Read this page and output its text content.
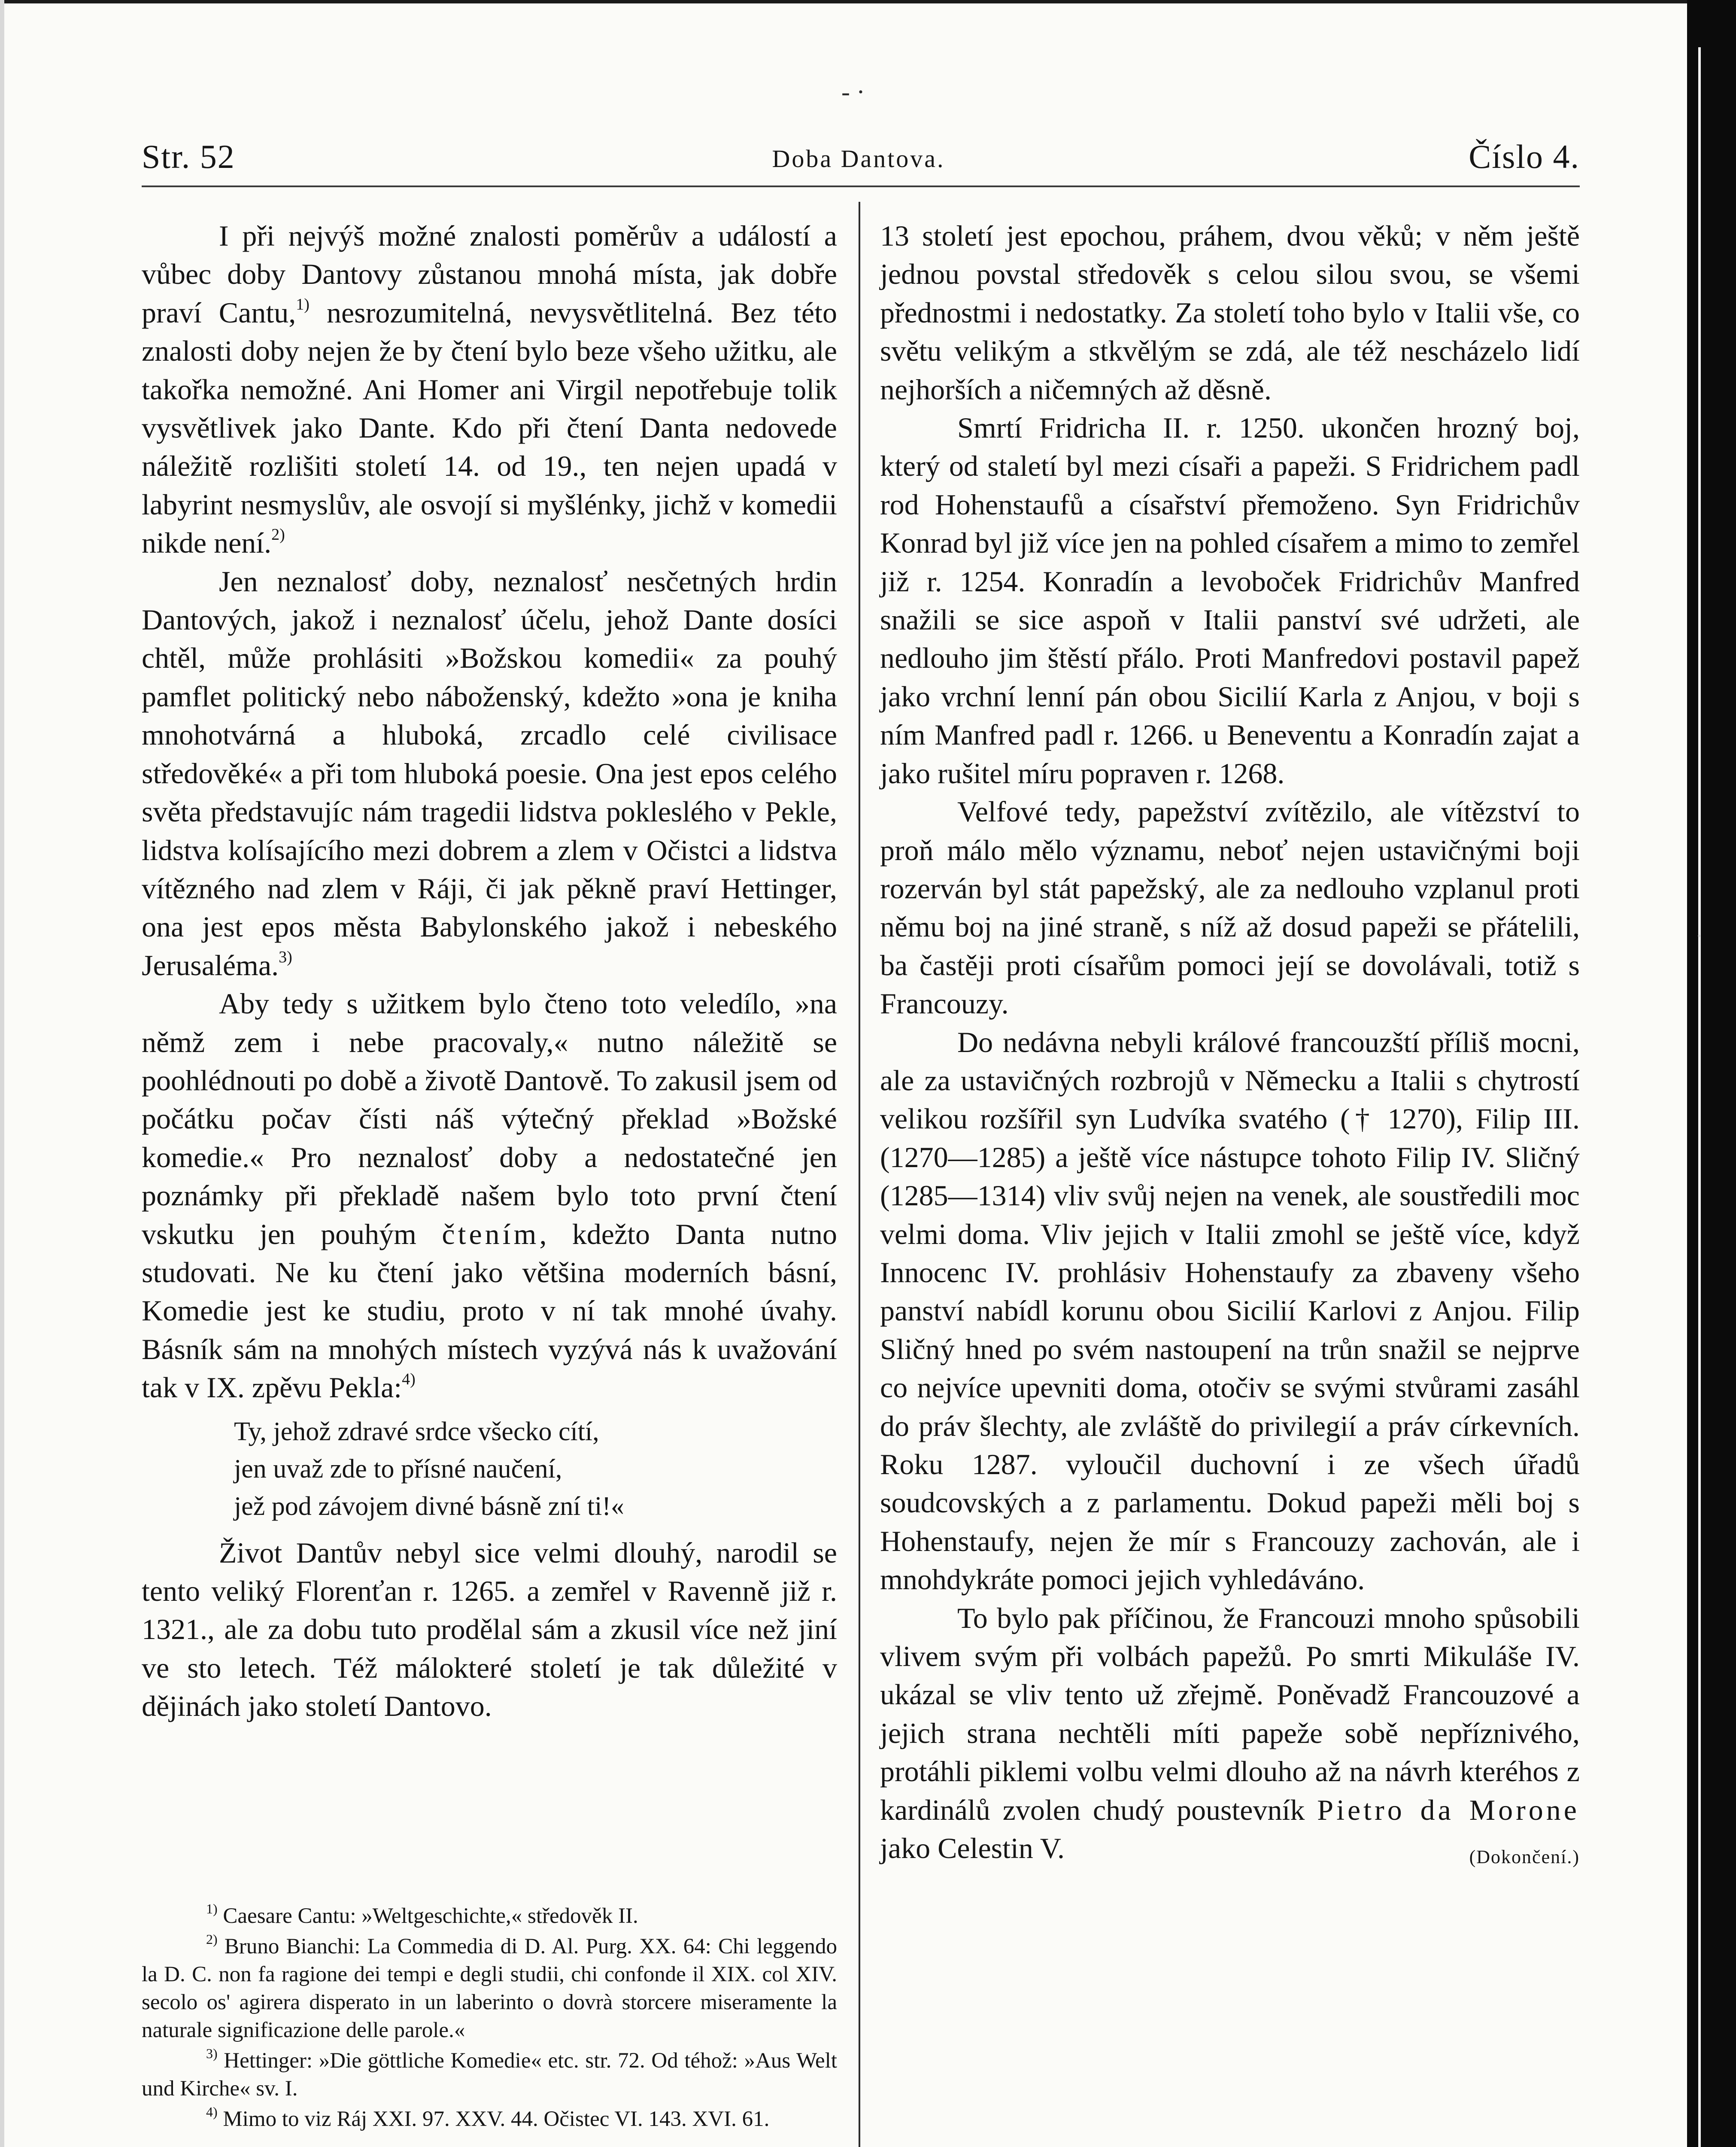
‐ ·
·
Str. 52	Doba Dantova.	Číslo 4.

I při nejvýš možné znalosti poměrův a událostí a vůbec doby Dantovy zůstanou mnohá místa, jak dobře praví Cantu,$^{1)}$ nesrozumitelná, nevysvětlitelná. Bez této znalosti doby nejen že by čtení bylo beze všeho užitku, ale takořka nemožné. Ani Homer ani Virgil nepotřebuje tolik vysvětlivek jako Dante. Kdo při čtení Danta nedovede náležitě rozlišiti století 14. od 19., ten nejen upadá v labyrint nesmyslův, ale osvojí si myšlénky, jichž v komedii nikde není.$^{2)}$

Jen neznalosť doby, neznalosť nesčetných hrdin Dantových, jakož i neznalosť účelu, jehož Dante dosíci chtěl, může prohlásiti »Božskou komedii« za pouhý pamflet politický nebo náboženský, kdežto »ona je kniha mnohotvárná a hluboká, zrcadlo celé civilisace středověké« a při tom hluboká poesie. Ona jest epos celého světa představujíc nám tragedii lidstva pokleslého v Pekle, lidstva kolísajícího mezi dobrem a zlem v Očistci a lidstva vítězného nad zlem v Ráji, či jak pěkně praví Hettinger, ona jest epos města Babylonského jakož i nebeského Jerusaléma.$^{3)}$

Aby tedy s užitkem bylo čteno toto veledílo, »na němž zem i nebe pracovaly,« nutno náležitě se poohlédnouti po době a životě Dantově. To zakusil jsem od počátku počav čísti náš výtečný překlad »Božské komedie.« Pro neznalosť doby a nedostatečné jen poznámky při překladě našem bylo toto první čtení vskutku jen pouhým čtením, kdežto Danta nutno studovati. Ne ku čtení jako většina moderních básní, Komedie jest ke studiu, proto v ní tak mnohé úvahy. Básník sám na mnohých místech vyzývá nás k uvažování tak v IX. zpěvu Pekla:$^{4)}$

Ty, jehož zdravé srdce všecko cítí,
jen uvaž zde to přísné naučení,
jež pod závojem divné básně zní ti!«

Život Dantův nebyl sice velmi dlouhý, narodil se tento veliký Florenťan r. 1265. a zemřel v Ravenně již r. 1321., ale za dobu tuto prodělal sám a zkusil více než jiní ve sto letech. Též málokteré století je tak důležité v dějinách jako století Dantovo.

$^{1)}$ Caesare Cantu: »Weltgeschichte,« středověk II.

$^{2)}$ Bruno Bianchi: La Commedia di D. Al. Purg. XX. 64: Chi leggendo la D. C. non fa ragione dei tempi e degli studii, chi confonde il XIX. col XIV. secolo os' agirera disperato in un laberinto o dovrà storcere miseramente la naturale significazione delle parole.«

$^{3)}$ Hettinger: »Die göttliche Komedie« etc. str. 72. Od téhož: »Aus Welt und Kirche« sv. I.

$^{4)}$ Mimo to viz Ráj XXI. 97. XXV. 44. Očistec VI. 143. XVI. 61.

13 století jest epochou, práhem, dvou věků; v něm ještě jednou povstal středověk s celou silou svou, se všemi přednostmi i nedostatky. Za století toho bylo v Italii vše, co světu velikým a stkvělým se zdá, ale též nescházelo lidí nejhorších a ničemných až děsně.

Smrtí Fridricha II. r. 1250. ukončen hrozný boj, který od staletí byl mezi císaři a papeži. S Fridrichem padl rod Hohenstaufů a císařství přemoženo. Syn Fridrichův Konrad byl již více jen na pohled císařem a mimo to zemřel již r. 1254. Konradín a levoboček Fridrichův Manfred snažili se sice aspoň v Italii panství své udržeti, ale nedlouho jim štěstí přálo. Proti Manfredovi postavil papež jako vrchní lenní pán obou Sicilií Karla z Anjou, v boji s ním Manfred padl r. 1266. u Beneventu a Konradín zajat a jako rušitel míru popraven r. 1268.

Velfové tedy, papežství zvítězilo, ale vítězství to proň málo mělo významu, neboť nejen ustavičnými boji rozerván byl stát papežský, ale za nedlouho vzplanul proti němu boj na jiné straně, s níž až dosud papeži se přátelili, ba častěji proti císařům pomoci její se dovolávali, totiž s Francouzy.

Do nedávna nebyli králové francouzští příliš mocni, ale za ustavičných rozbrojů v Německu a Italii s chytrostí velikou rozšířil syn Ludvíka svatého († 1270), Filip III. (1270—1285) a ještě více nástupce tohoto Filip IV. Sličný (1285—1314) vliv svůj nejen na venek, ale soustředili moc velmi doma. Vliv jejich v Italii zmohl se ještě více, když Innocenc IV. prohlásiv Hohenstaufy za zbaveny všeho panství nabídl korunu obou Sicilií Karlovi z Anjou. Filip Sličný hned po svém nastoupení na trůn snažil se nejprve co nejvíce upevniti doma, otočiv se svými stvůrami zasáhl do práv šlechty, ale zvláště do privilegií a práv církevních. Roku 1287. vyloučil duchovní i ze všech úřadů soudcovských a z parlamentu. Dokud papeži měli boj s Hohenstaufy, nejen že mír s Francouzy zachován, ale i mnohdykráte pomoci jejich vyhledáváno.

To bylo pak příčinou, že Francouzi mnoho spůsobili vlivem svým při volbách papežů. Po smrti Mikuláše IV. ukázal se vliv tento už zřejmě. Poněvadž Francouzové a jejich strana nechtěli míti papeže sobě nepříznivého, protáhli piklemi volbu velmi dlouho až na návrh kteréhos z kardinálů zvolen chudý poustevník Pietro da Morone jako Celestin V.	(Dokončení.)
